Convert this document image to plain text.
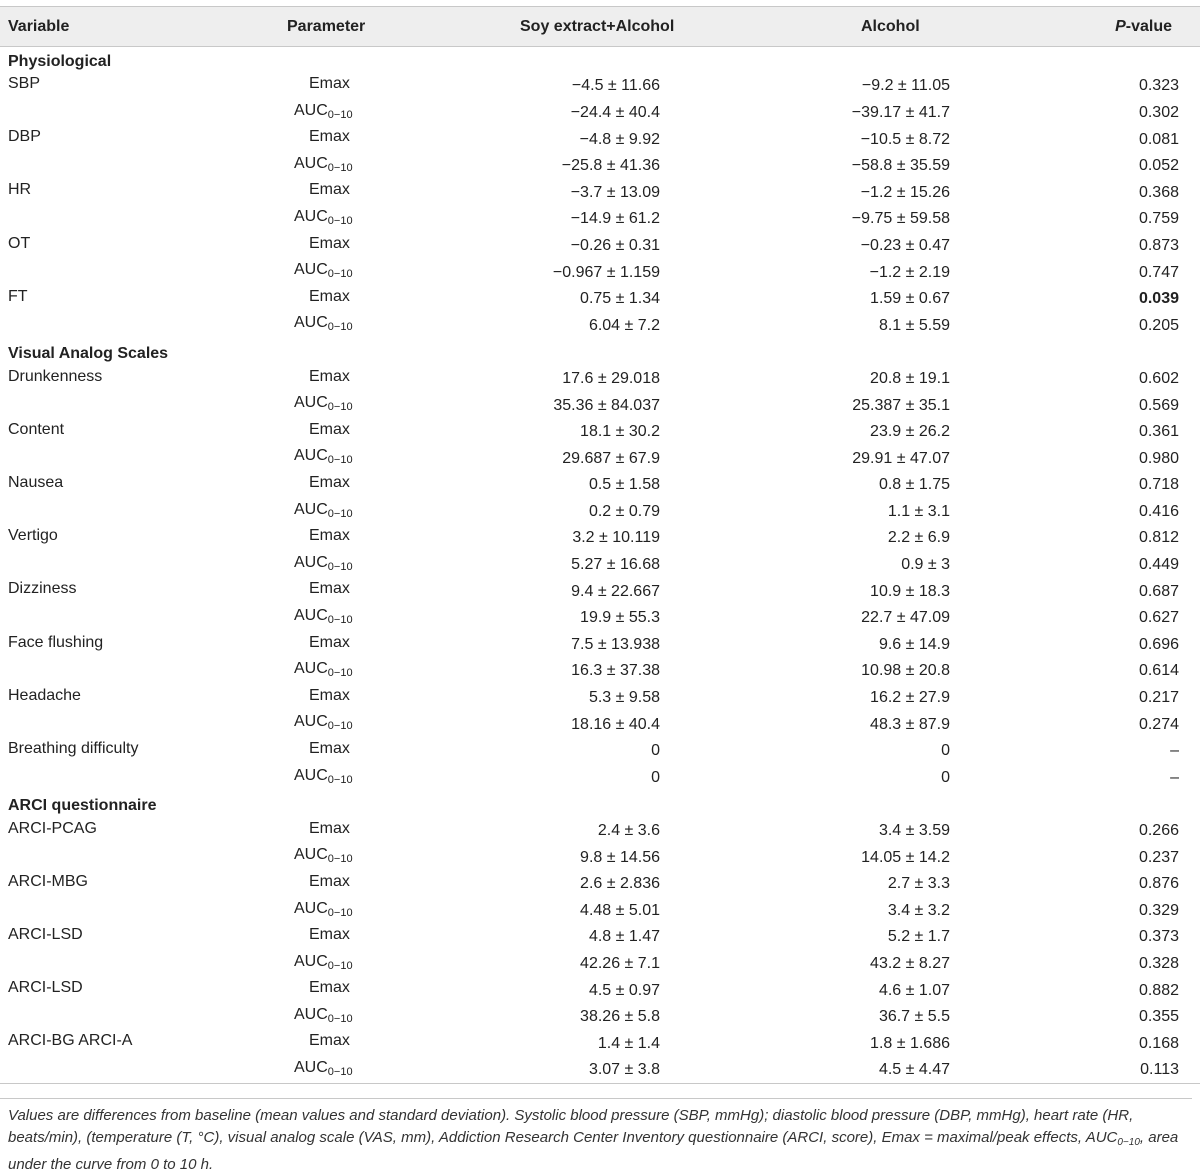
Variable	Parameter	Soy extract+Alcohol	Alcohol	P-value
Physiological				
SBP	Emax	−4.5 ± 11.66	−9.2 ± 11.05	0.323
	$AUC_{0-10}$	−24.4 ± 40.4	−39.17 ± 41.7	0.302
DBP	Emax	−4.8 ± 9.92	−10.5 ± 8.72	0.081
	$AUC_{0-10}$	−25.8 ± 41.36	−58.8 ± 35.59	0.052
HR	Emax	−3.7 ± 13.09	−1.2 ± 15.26	0.368
	$AUC_{0-10}$	−14.9 ± 61.2	−9.75 ± 59.58	0.759
OT	Emax	−0.26 ± 0.31	−0.23 ± 0.47	0.873
	$AUC_{0-10}$	−0.967 ± 1.159	−1.2 ± 2.19	0.747
FT	Emax	0.75 ± 1.34	1.59 ± 0.67	0.039
	$AUC_{0-10}$	6.04 ± 7.2	8.1 ± 5.59	0.205
Visual Analog Scales				
Drunkenness	Emax	17.6 ± 29.018	20.8 ± 19.1	0.602
	$AUC_{0-10}$	35.36 ± 84.037	25.387 ± 35.1	0.569
Content	Emax	18.1 ± 30.2	23.9 ± 26.2	0.361
	$AUC_{0-10}$	29.687 ± 67.9	29.91 ± 47.07	0.980
Nausea	Emax	0.5 ± 1.58	0.8 ± 1.75	0.718
	$AUC_{0-10}$	0.2 ± 0.79	1.1 ± 3.1	0.416
Vertigo	Emax	3.2 ± 10.119	2.2 ± 6.9	0.812
	$AUC_{0-10}$	5.27 ± 16.68	0.9 ± 3	0.449
Dizziness	Emax	9.4 ± 22.667	10.9 ± 18.3	0.687
	$AUC_{0-10}$	19.9 ± 55.3	22.7 ± 47.09	0.627
Face flushing	Emax	7.5 ± 13.938	9.6 ± 14.9	0.696
	$AUC_{0-10}$	16.3 ± 37.38	10.98 ± 20.8	0.614
Headache	Emax	5.3 ± 9.58	16.2 ± 27.9	0.217
	$AUC_{0-10}$	18.16 ± 40.4	48.3 ± 87.9	0.274
Breathing difficulty	Emax	0	0	–
	$AUC_{0-10}$	0	0	–
ARCI questionnaire				
ARCI-PCAG	Emax	2.4 ± 3.6	3.4 ± 3.59	0.266
	$AUC_{0-10}$	9.8 ± 14.56	14.05 ± 14.2	0.237
ARCI-MBG	Emax	2.6 ± 2.836	2.7 ± 3.3	0.876
	$AUC_{0-10}$	4.48 ± 5.01	3.4 ± 3.2	0.329
ARCI-LSD	Emax	4.8 ± 1.47	5.2 ± 1.7	0.373
	$AUC_{0-10}$	42.26 ± 7.1	43.2 ± 8.27	0.328
ARCI-LSD	Emax	4.5 ± 0.97	4.6 ± 1.07	0.882
	$AUC_{0-10}$	38.26 ± 5.8	36.7 ± 5.5	0.355
ARCI-BG ARCI-A	Emax	1.4 ± 1.4	1.8 ± 1.686	0.168
	$AUC_{0-10}$	3.07 ± 3.8	4.5 ± 4.47	0.113
Values are differences from baseline (mean values and standard deviation). Systolic blood pressure (SBP, mmHg); diastolic blood pressure (DBP, mmHg), heart rate (HR, beats/min), (temperature (T, °C), visual analog scale (VAS, mm), Addiction Research Center Inventory questionnaire (ARCI, score), Emax = maximal/peak effects, $AUC_{0-10}$, area under the curve from 0 to 10 h.
